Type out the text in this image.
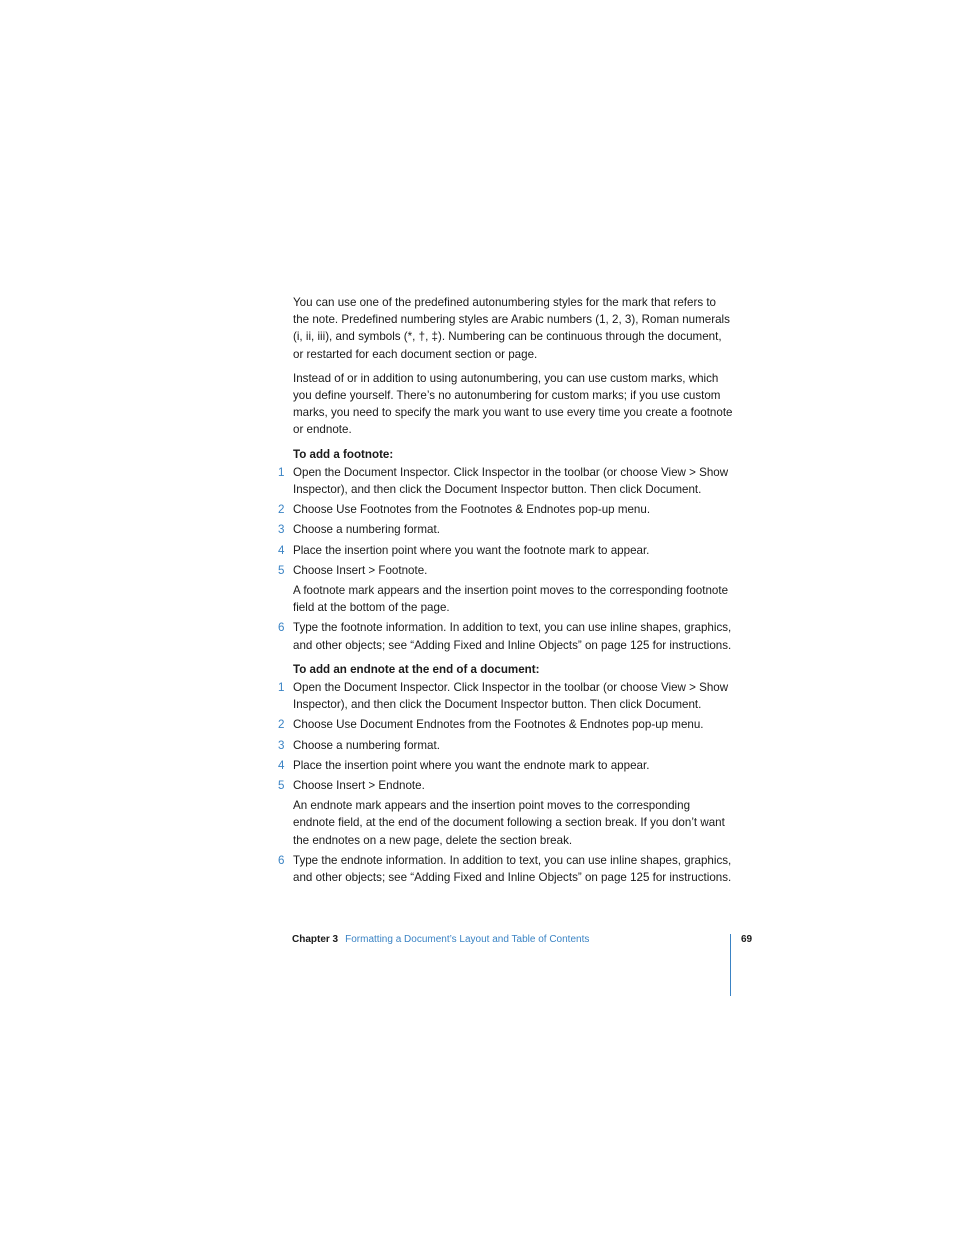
You can use one of the predefined autonumbering styles for the mark that refers to the note. Predefined numbering styles are Arabic numbers (1, 2, 3), Roman numerals (i, ii, iii), and symbols (*, †, ‡). Numbering can be continuous through the document, or restarted for each document section or page.

Instead of or in addition to using autonumbering, you can use custom marks, which you define yourself. There’s no autonumbering for custom marks; if you use custom marks, you need to specify the mark you want to use every time you create a footnote or endnote.

To add a footnote:

1 Open the Document Inspector. Click Inspector in the toolbar (or choose View > Show Inspector), and then click the Document Inspector button. Then click Document.
2 Choose Use Footnotes from the Footnotes & Endnotes pop-up menu.
3 Choose a numbering format.
4 Place the insertion point where you want the footnote mark to appear.
5 Choose Insert > Footnote.

A footnote mark appears and the insertion point moves to the corresponding footnote field at the bottom of the page.

6 Type the footnote information. In addition to text, you can use inline shapes, graphics, and other objects; see “Adding Fixed and Inline Objects” on page 125 for instructions.

To add an endnote at the end of a document:

1 Open the Document Inspector. Click Inspector in the toolbar (or choose View > Show Inspector), and then click the Document Inspector button. Then click Document.
2 Choose Use Document Endnotes from the Footnotes & Endnotes pop-up menu.
3 Choose a numbering format.
4 Place the insertion point where you want the endnote mark to appear.
5 Choose Insert > Endnote.

An endnote mark appears and the insertion point moves to the corresponding endnote field, at the end of the document following a section break. If you don’t want the endnotes on a new page, delete the section break.

6 Type the endnote information. In addition to text, you can use inline shapes, graphics, and other objects; see “Adding Fixed and Inline Objects” on page 125 for instructions.
Chapter 3 Formatting a Document’s Layout and Table of Contents	69
